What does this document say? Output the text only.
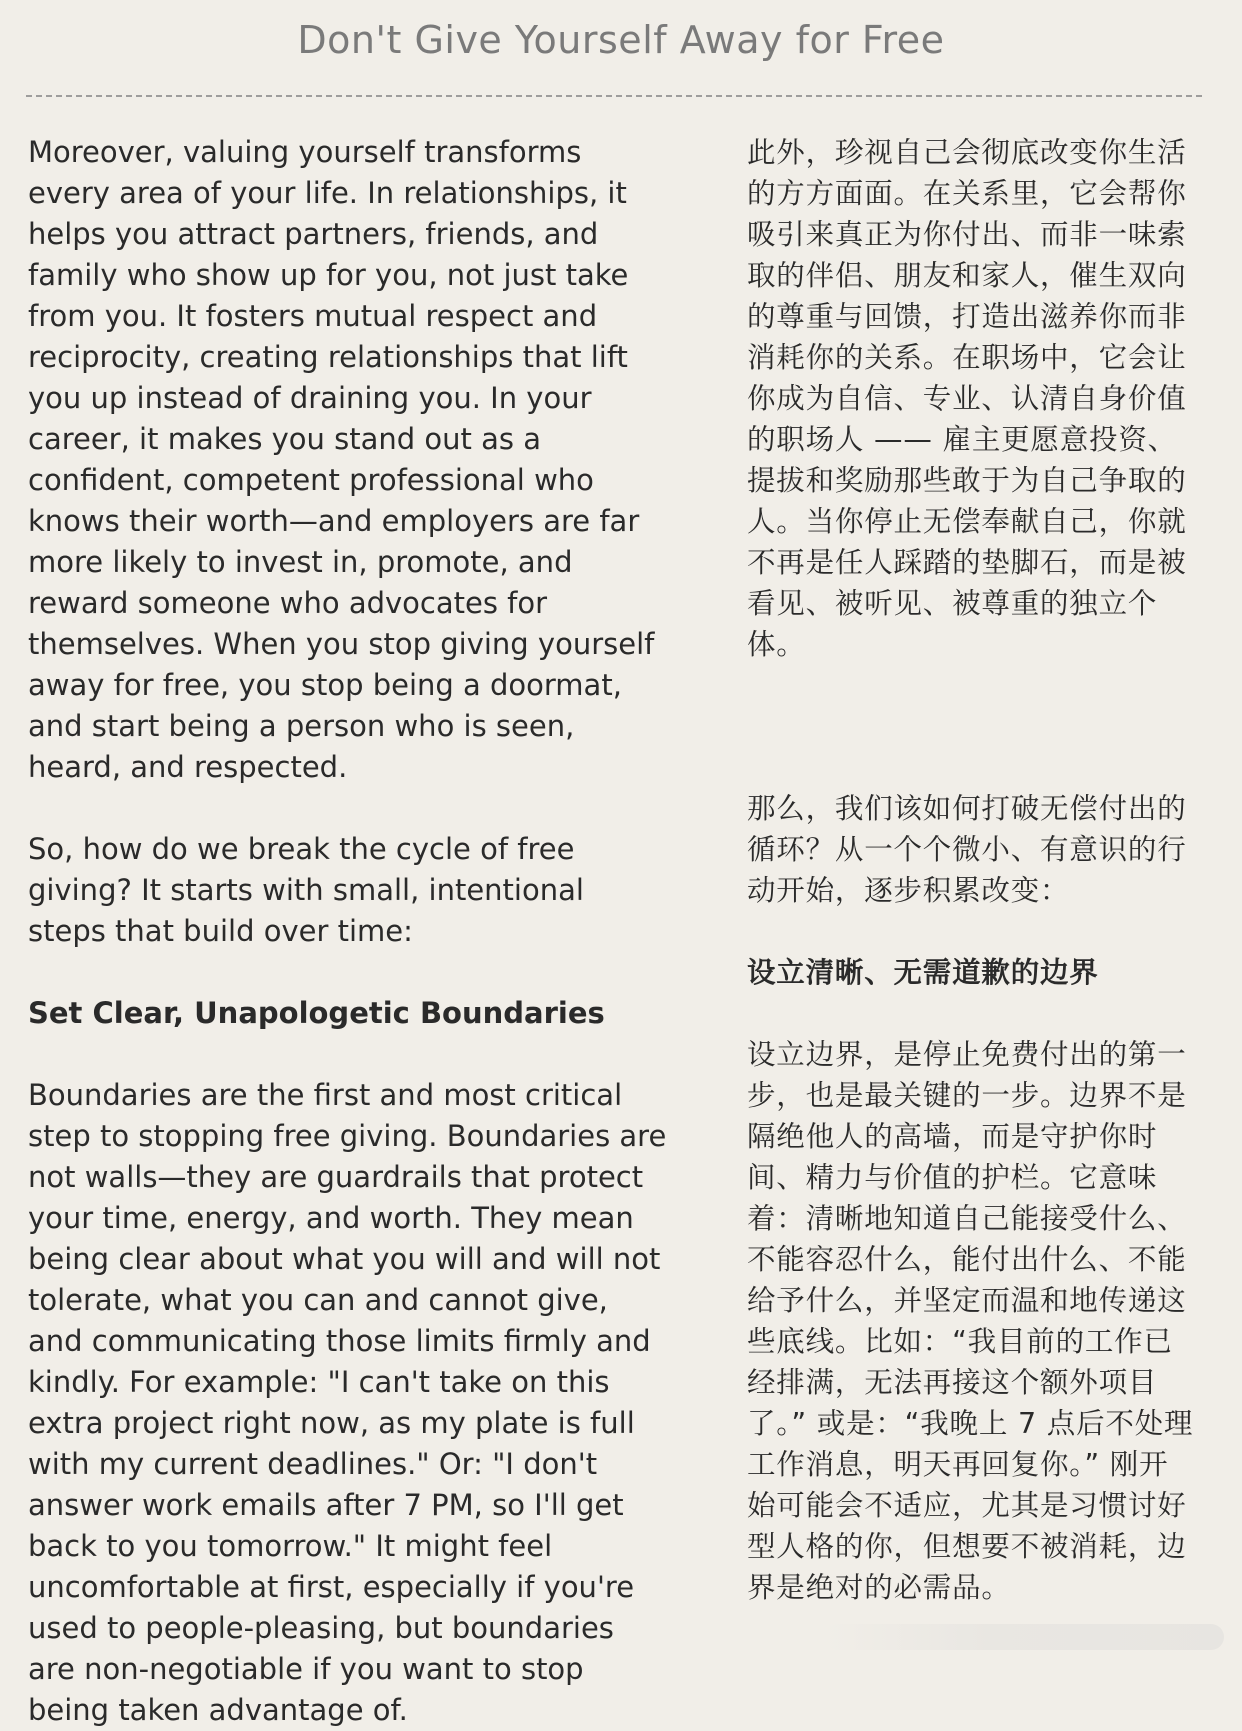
Don't Give Yourself Away for Free

Moreover, valuing yourself transforms every area of your life. In relationships, it helps you attract partners, friends, and family who show up for you, not just take from you. It fosters mutual respect and reciprocity, creating relationships that lift you up instead of draining you. In your career, it makes you stand out as a confident, competent professional who knows their worth—and employers are far more likely to invest in, promote, and reward someone who advocates for themselves. When you stop giving yourself away for free, you stop being a doormat, and start being a person who is seen, heard, and respected.

So, how do we break the cycle of free giving? It starts with small, intentional steps that build over time:

Set Clear, Unapologetic Boundaries

Boundaries are the first and most critical step to stopping free giving. Boundaries are not walls—they are guardrails that protect your time, energy, and worth. They mean being clear about what you will and will not tolerate, what you can and cannot give, and communicating those limits firmly and kindly. For example: "I can't take on this extra project right now, as my plate is full with my current deadlines." Or: "I don't answer work emails after 7 PM, so I'll get back to you tomorrow." It might feel uncomfortable at first, especially if you're used to people-pleasing, but boundaries are non-negotiable if you want to stop being taken advantage of.

此外，珍视自己会彻底改变你生活的方方面面。在关系里，它会帮你吸引来真正为你付出、而非一味索取的伴侣、朋友和家人，催生双向的尊重与回馈，打造出滋养你而非消耗你的关系。在职场中，它会让你成为自信、专业、认清自身价值的职场人 —— 雇主更愿意投资、提拔和奖励那些敢于为自己争取的人。当你停止无偿奉献自己，你就不再是任人踩踏的垫脚石，而是被看见、被听见、被尊重的独立个体。

那么，我们该如何打破无偿付出的循环？从一个个微小、有意识的行动开始，逐步积累改变：

设立清晰、无需道歉的边界

设立边界，是停止免费付出的第一步，也是最关键的一步。边界不是隔绝他人的高墙，而是守护你时间、精力与价值的护栏。它意味着：清晰地知道自己能接受什么、不能容忍什么，能付出什么、不能给予什么，并坚定而温和地传递这些底线。比如：“我目前的工作已经排满，无法再接这个额外项目了。” 或是：“我晚上 7 点后不处理工作消息，明天再回复你。” 刚开始可能会不适应，尤其是习惯讨好型人格的你，但想要不被消耗，边界是绝对的必需品。
